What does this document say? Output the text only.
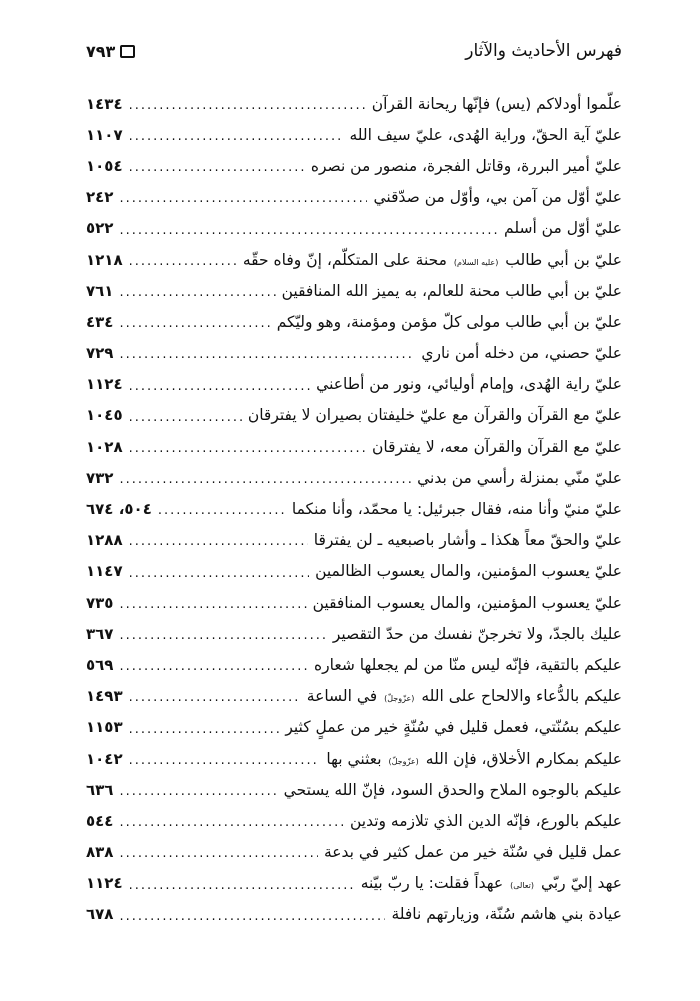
فهرس الأحاديث والآثار
٧٩٣
علّموا أودلاكم (يس) فإنّها ريحانة القرآن
.....
١٤٣٤
عليّ آية الحقّ، وراية الهُدى، عليّ سيف الله
.....
١١٠٧
عليّ أمير البررة، وقاتل الفجرة، منصور من نصره
.....
١٠٥٤
عليّ أوّل من آمن بي، وأوّل من صدّقني
.....
٢٤٢
عليّ أوّل من أسلم
.....
٥٢٢
عليّ بن أبي طالب (عليه السلام) محنة على المتكلّم، إنّ وفاه حقّه
.....
١٢١٨
عليّ بن أبي طالب محنة للعالم، به يميز الله المنافقين
.....
٧٦١
عليّ بن أبي طالب مولى كلّ مؤمن ومؤمنة، وهو وليّكم
.....
٤٣٤
عليّ حصني، من دخله أمن ناري
.....
٧٢٩
عليّ راية الهُدى، وإمام أوليائي، ونور من أطاعني
.....
١١٢٤
عليّ مع القرآن والقرآن مع عليّ خليفتان بصيران لا يفترقان
.....
١٠٤٥
عليّ مع القرآن والقرآن معه، لا يفترقان
.....
١٠٢٨
عليّ منّي بمنزلة رأسي من بدني
.....
٧٣٢
عليّ منيّ وأنا منه، فقال جبرئيل: يا محمّد، وأنا منكما
.....
٥٠٤، ٦٧٤
عليّ والحقّ معاً هكذا ـ وأشار باصبعيه ـ لن يفترقا
.....
١٢٨٨
عليّ يعسوب المؤمنين، والمال يعسوب الظالمين
.....
١١٤٧
عليّ يعسوب المؤمنين، والمال يعسوب المنافقين
.....
٧٣٥
عليك بالجدّ، ولا تخرجنّ نفسك من حدّ التقصير
.....
٣٦٧
عليكم بالتقية، فإنّه ليس منّا من لم يجعلها شعاره
.....
٥٦٩
عليكم بالدُّعاء والالحاح على الله (عزّوجلّ) في الساعة
.....
١٤٩٣
عليكم بسُنّتي، فعمل قليل في سُنّةٍ خير من عملٍ كثير
.....
١١٥٣
عليكم بمكارم الأخلاق، فإن الله (عزّوجلّ) بعثني بها
.....
١٠٤٢
عليكم بالوجوه الملاح والحدق السود، فإنّ الله يستحي
.....
٦٣٦
عليكم بالورع، فإنّه الدين الذي تلازمه وتدين
.....
٥٤٤
عمل قليل في سُنّة خير من عمل كثير في بدعة
.....
٨٣٨
عهد إليّ ربّي (تعالى) عهداً فقلت: يا ربّ بيّنه
.....
١١٢٤
عيادة بني هاشم سُنّة، وزيارتهم نافلة
.....
٦٧٨
